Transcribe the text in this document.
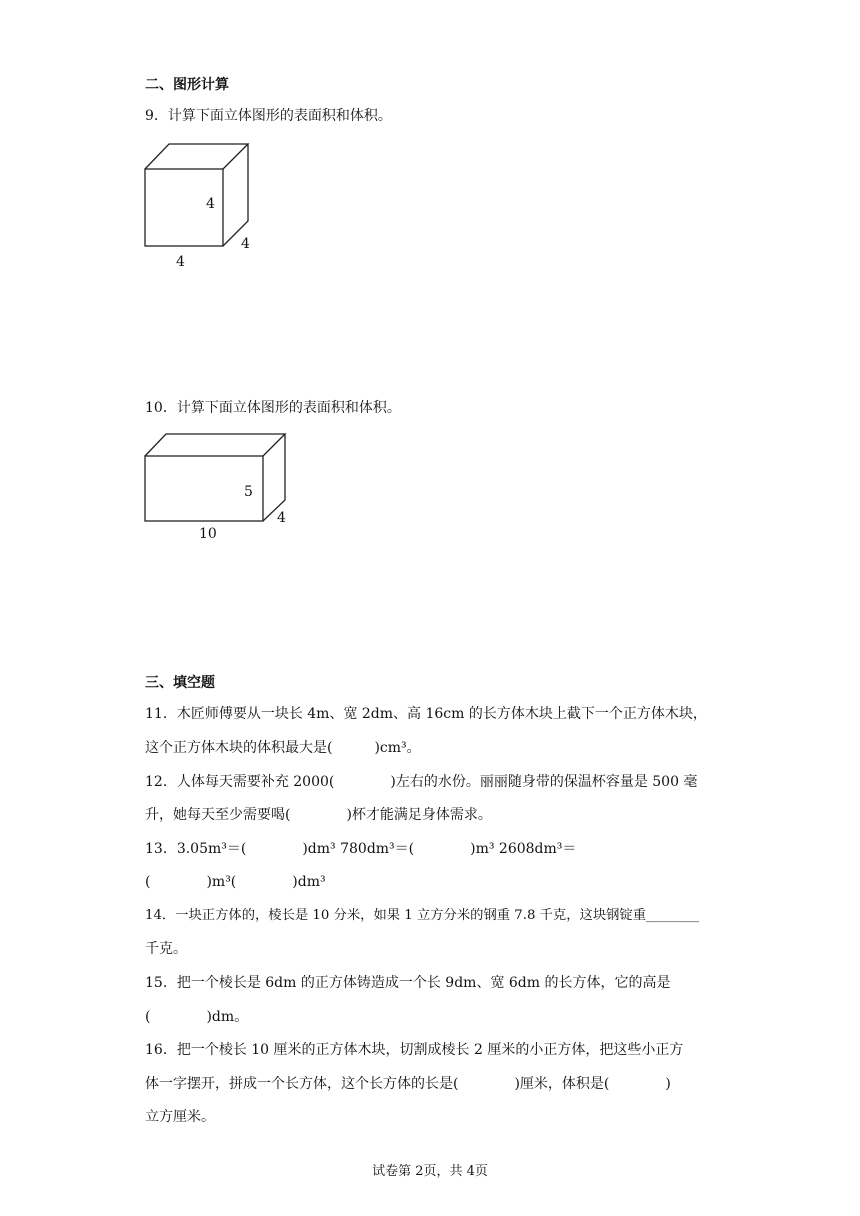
二、图形计算
9．计算下面立体图形的表面积和体积。
4
4
4
10．计算下面立体图形的表面积和体积。
5
4
10
三、填空题
11．木匠师傅要从一块长 4m、宽 2dm、高 16cm 的长方体木块上截下一个正方体木块，
这个正方体木块的体积最大是(　　　)cm³。
12．人体每天需要补充 2000(　　　　)左右的水份。丽丽随身带的保温杯容量是 500 毫
升，她每天至少需要喝(　　　　)杯才能满足身体需求。
13．3.05m³＝(　　　　)dm³ 780dm³＝(　　　　)m³ 2608dm³＝
(　　　　)m³(　　　　)dm³
14．一块正方体的，棱长是 10 分米，如果 1 立方分米的钢重 7.8 千克，这块钢锭重________
千克。
15．把一个棱长是 6dm 的正方体铸造成一个长 9dm、宽 6dm 的长方体，它的高是
(　　　　)dm。
16．把一个棱长 10 厘米的正方体木块，切割成棱长 2 厘米的小正方体，把这些小正方
体一字摆开，拼成一个长方体，这个长方体的长是(　　　　)厘米，体积是(　　　　)
立方厘米。
试卷第 2页，共 4页
